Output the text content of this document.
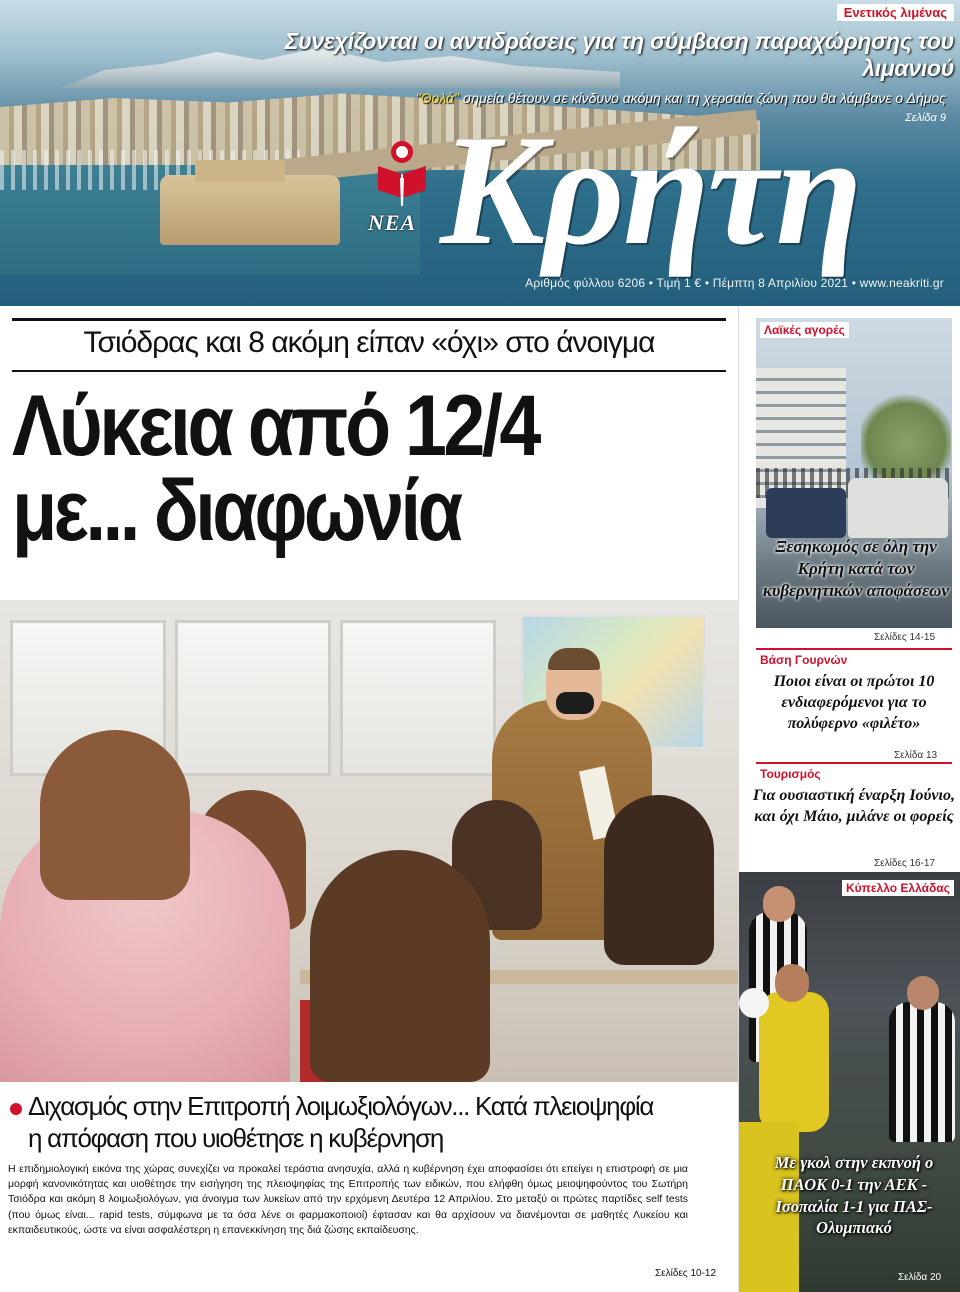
ΝΕΑ Κρήτη
Ενετικός λιμένας
Συνεχίζονται οι αντιδράσεις για τη σύμβαση παραχώρησης του λιμανιού
"Θολά" σημεία θέτουν σε κίνδυνο ακόμη και τη χερσαία ζώνη που θα λάμβανε ο Δήμος
Σελίδα 9
Αριθμός φύλλου 6206 • Τιμή 1 € • Πέμπτη 8 Απριλίου 2021 • www.neakriti.gr
Τσιόδρας και 8 ακόμη είπαν «όχι» στο άνοιγμα
Λύκεια από 12/4
με... διαφωνία
Διχασμός στην Επιτροπή λοιμωξιολόγων... Κατά πλειοψηφία η απόφαση που υιοθέτησε η κυβέρνηση
Η επιδημιολογική εικόνα της χώρας συνεχίζει να προκαλεί τεράστια ανησυχία, αλλά η κυβέρνηση έχει αποφασίσει ότι επείγει η επιστροφή σε μια μορφή κανονικότητας και υιοθέτησε την εισήγηση της πλειοψηφίας της Επιτροπής των ειδικών, που ελήφθη όμως μειοψηφούντος του Σωτήρη Τσιόδρα και ακόμη 8 λοιμωξιολόγων, για άνοιγμα των λυκείων από την ερχόμενη Δευτέρα 12 Απριλίου. Στο μεταξύ οι πρώτες παρτίδες self tests (που όμως είναι... rapid tests, σύμφωνα με τα όσα λένε οι φαρμακοποιοί) έφτασαν και θα αρχίσουν να διανέμονται σε μαθητές Λυκείου και εκπαιδευτικούς, ώστε να είναι ασφαλέστερη η επανεκκίνηση της διά ζώσης εκπαίδευσης.
Σελίδες 10-12
Λαϊκές αγορές
Ξεσηκωμός σε όλη την Κρήτη κατά των κυβερνητικών αποφάσεων
Σελίδες 14-15
Βάση Γουρνών
Ποιοι είναι οι πρώτοι 10 ενδιαφερόμενοι για το πολύφερνο «φιλέτο»
Σελίδα 13
Τουρισμός
Για ουσιαστική έναρξη Ιούνιο, και όχι Μάιο, μιλάνε οι φορείς
Σελίδες 16-17
Κύπελλο Ελλάδας
Με γκολ στην εκπνοή ο ΠΑΟΚ 0-1 την ΑΕΚ - Ισοπαλία 1-1 για ΠΑΣ-Ολυμπιακό
Σελίδα 20
